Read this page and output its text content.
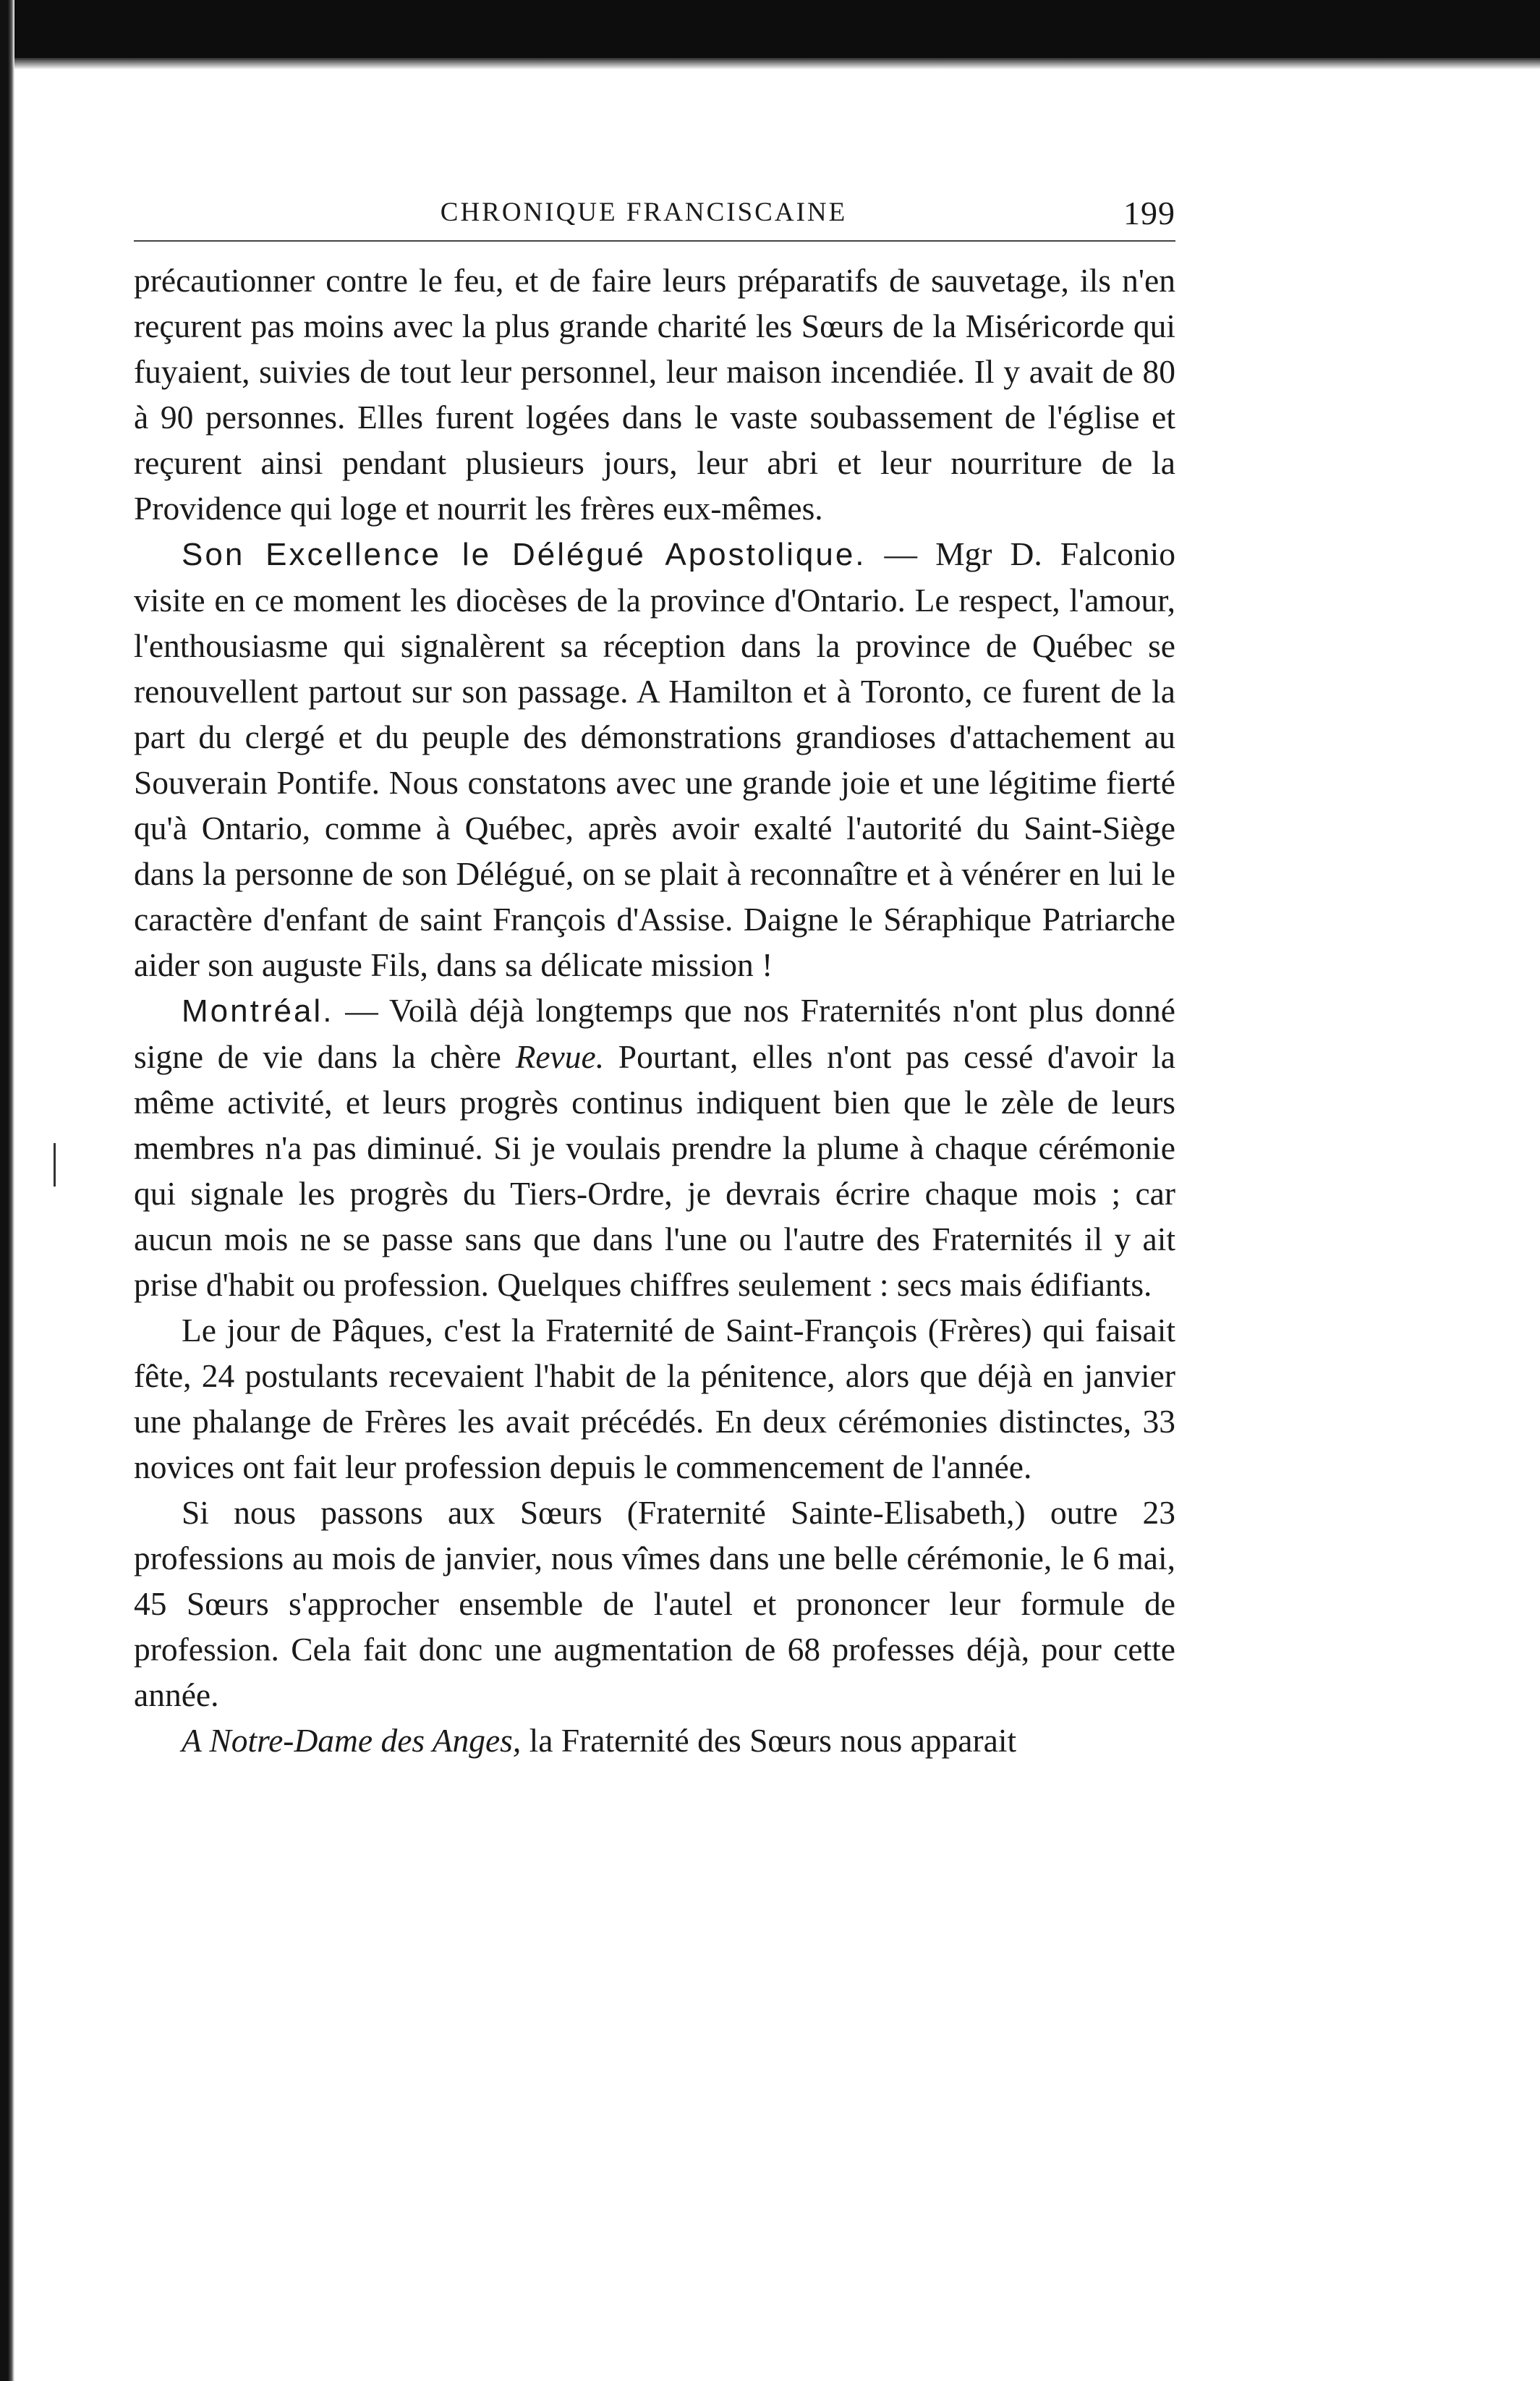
CHRONIQUE FRANCISCAINE	199

précautionner contre le feu, et de faire leurs préparatifs de sauvetage, ils n'en reçurent pas moins avec la plus grande charité les Sœurs de la Miséricorde qui fuyaient, suivies de tout leur personnel, leur maison incendiée. Il y avait de 80 à 90 personnes. Elles furent logées dans le vaste soubassement de l'église et reçurent ainsi pendant plusieurs jours, leur abri et leur nourriture de la Providence qui loge et nourrit les frères eux-mêmes.

Son Excellence le Délégué Apostolique. — Mgr D. Falconio visite en ce moment les diocèses de la province d'Ontario. Le respect, l'amour, l'enthousiasme qui signalèrent sa réception dans la province de Québec se renouvellent partout sur son passage. A Hamilton et à Toronto, ce furent de la part du clergé et du peuple des démonstrations grandioses d'attachement au Souverain Pontife. Nous constatons avec une grande joie et une légitime fierté qu'à Ontario, comme à Québec, après avoir exalté l'autorité du Saint-Siège dans la personne de son Délégué, on se plait à reconnaître et à vénérer en lui le caractère d'enfant de saint François d'Assise. Daigne le Séraphique Patriarche aider son auguste Fils, dans sa délicate mission !

Montréal. — Voilà déjà longtemps que nos Fraternités n'ont plus donné signe de vie dans la chère Revue. Pourtant, elles n'ont pas cessé d'avoir la même activité, et leurs progrès continus indiquent bien que le zèle de leurs membres n'a pas diminué. Si je voulais prendre la plume à chaque cérémonie qui signale les progrès du Tiers-Ordre, je devrais écrire chaque mois ; car aucun mois ne se passe sans que dans l'une ou l'autre des Fraternités il y ait prise d'habit ou profession. Quelques chiffres seulement : secs mais édifiants.

Le jour de Pâques, c'est la Fraternité de Saint-François (Frères) qui faisait fête, 24 postulants recevaient l'habit de la pénitence, alors que déjà en janvier une phalange de Frères les avait précédés. En deux cérémonies distinctes, 33 novices ont fait leur profession depuis le commencement de l'année.

Si nous passons aux Sœurs (Fraternité Sainte-Elisabeth,) outre 23 professions au mois de janvier, nous vîmes dans une belle cérémonie, le 6 mai, 45 Sœurs s'approcher ensemble de l'autel et prononcer leur formule de profession. Cela fait donc une augmentation de 68 professes déjà, pour cette année.

A Notre-Dame des Anges, la Fraternité des Sœurs nous apparait
